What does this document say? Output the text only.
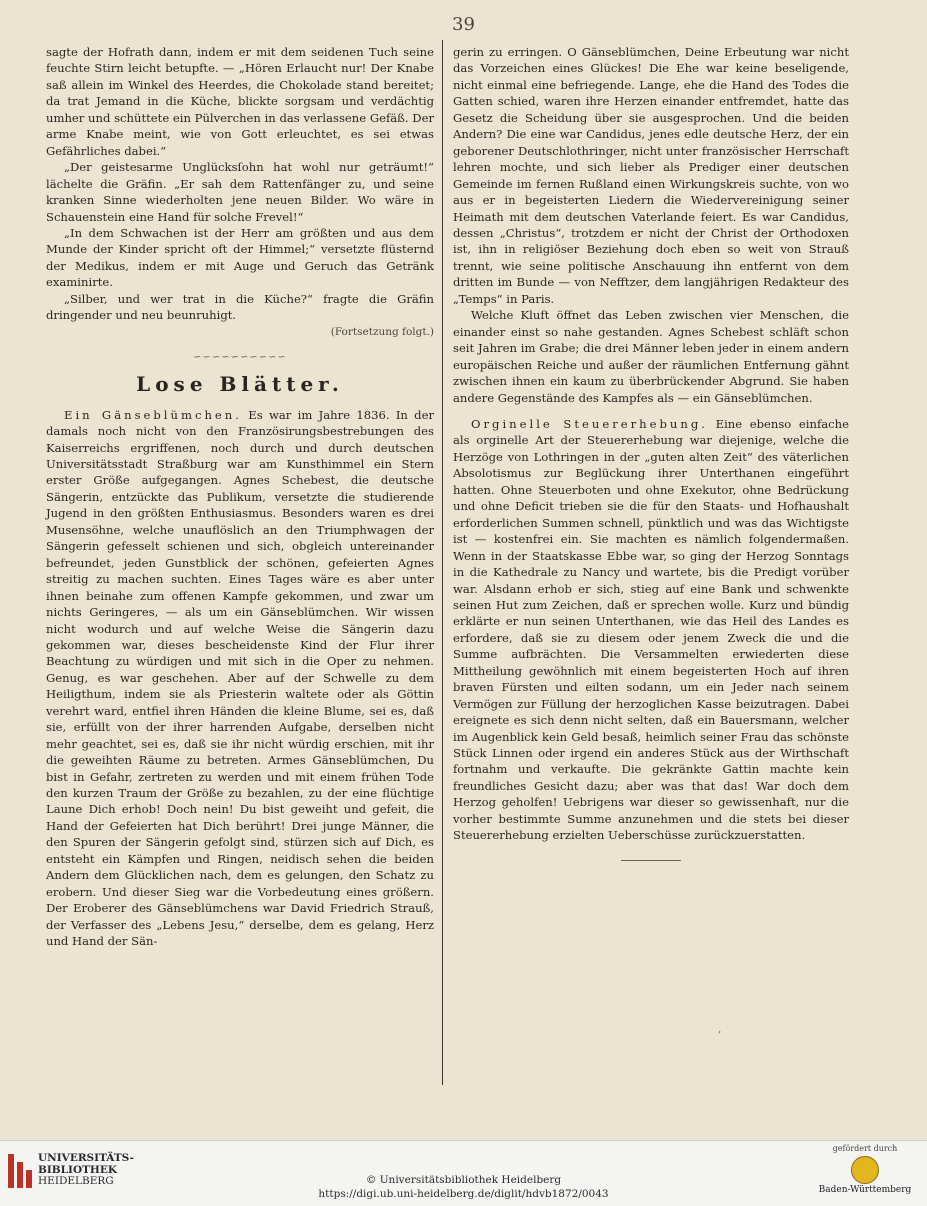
39

sagte der Hofrath dann, indem er mit dem seidenen Tuch seine feuchte Stirn leicht betupfte. — „Hören Erlaucht nur! Der Knabe saß allein im Winkel des Heerdes, die Chokolade stand bereitet; da trat Jemand in die Küche, blickte sorgsam und verdächtig umher und schüttete ein Pülverchen in das verlassene Gefäß. Der arme Knabe meint, wie von Gott erleuchtet, es sei etwas Gefährliches dabei.“

„Der geistesarme Unglücksſohn hat wohl nur geträumt!“ lächelte die Gräfin. „Er sah dem Rattenfänger zu, und seine kranken Sinne wiederholten jene neuen Bilder. Wo wäre in Schauenstein eine Hand für solche Frevel!“

„In dem Schwachen ist der Herr am größten und aus dem Munde der Kinder spricht oft der Himmel;“ versetzte flüsternd der Medikus, indem er mit Auge und Geruch das Getränk examinirte.

„Silber, und wer trat in die Küche?“ fragte die Gräfin dringender und neu beunruhigt.

(Fortsetzung folgt.)

∽∽∽∽∽∽∽∽∽∽
Lose Blätter.

Ein Gänseblümchen. Es war im Jahre 1836. In der damals noch nicht von den Französirungsbestrebungen des Kaiserreichs ergriffenen, noch durch und durch deutschen Universitätsstadt Straßburg war am Kunsthimmel ein Stern erster Größe aufgegangen. Agnes Schebest, die deutsche Sängerin, entzückte das Publikum, versetzte die studierende Jugend in den größten Enthusiasmus. Besonders waren es drei Musensöhne, welche unauflöslich an den Triumphwagen der Sängerin gefesselt schienen und sich, obgleich untereinander befreundet, jeden Gunstblick der schönen, gefeierten Agnes streitig zu machen suchten. Eines Tages wäre es aber unter ihnen beinahe zum offenen Kampfe gekommen, und zwar um nichts Geringeres, — als um ein Gänseblümchen. Wir wissen nicht wodurch und auf welche Weise die Sängerin dazu gekommen war, dieses bescheidenste Kind der Flur ihrer Beachtung zu würdigen und mit sich in die Oper zu nehmen. Genug, es war geschehen. Aber auf der Schwelle zu dem Heiligthum, indem sie als Priesterin waltete oder als Göttin verehrt ward, entfiel ihren Händen die kleine Blume, sei es, daß sie, erfüllt von der ihrer harrenden Aufgabe, derselben nicht mehr geachtet, sei es, daß sie ihr nicht würdig erschien, mit ihr die geweihten Räume zu betreten. Armes Gänseblümchen, Du bist in Gefahr, zertreten zu werden und mit einem frühen Tode den kurzen Traum der Größe zu bezahlen, zu der eine flüchtige Laune Dich erhob! Doch nein! Du bist geweiht und gefeit, die Hand der Gefeierten hat Dich berührt! Drei junge Männer, die den Spuren der Sängerin gefolgt sind, stürzen sich auf Dich, es entsteht ein Kämpfen und Ringen, neidisch sehen die beiden Andern dem Glücklichen nach, dem es gelungen, den Schatz zu erobern. Und dieser Sieg war die Vorbedeutung eines größern. Der Eroberer des Gänseblümchens war David Friedrich Strauß, der Verfasser des „Lebens Jesu,“ derselbe, dem es gelang, Herz und Hand der Sän-

gerin zu erringen. O Gänseblümchen, Deine Erbeutung war nicht das Vorzeichen eines Glückes! Die Ehe war keine beseligende, nicht einmal eine befriegende. Lange, ehe die Hand des Todes die Gatten schied, waren ihre Herzen einander entfremdet, hatte das Gesetz die Scheidung über sie ausgesprochen. Und die beiden Andern? Die eine war Candidus, jenes edle deutsche Herz, der ein geborener Deutschlothringer, nicht unter französischer Herrschaft lehren mochte, und sich lieber als Prediger einer deutschen Gemeinde im fernen Rußland einen Wirkungskreis suchte, von wo aus er in begeisterten Liedern die Wiedervereinigung seiner Heimath mit dem deutschen Vaterlande feiert. Es war Candidus, dessen „Christus“, trotzdem er nicht der Christ der Orthodoxen ist, ihn in religiöser Beziehung doch eben so weit von Strauß trennt, wie seine politische Anschauung ihn entfernt von dem dritten im Bunde — von Nefftzer, dem langjährigen Redakteur des „Temps“ in Paris.

Welche Kluft öffnet das Leben zwischen vier Menschen, die einander einst so nahe gestanden. Agnes Schebest schläft schon seit Jahren im Grabe; die drei Männer leben jeder in einem andern europäischen Reiche und außer der räumlichen Entfernung gähnt zwischen ihnen ein kaum zu überbrückender Abgrund. Sie haben andere Gegenstände des Kampfes als — ein Gänseblümchen.

Orginelle Steuererhebung. Eine ebenso einfache als orginelle Art der Steuererhebung war diejenige, welche die Herzöge von Lothringen in der „guten alten Zeit“ des väterlichen Absolotismus zur Beglückung ihrer Unterthanen eingeführt hatten. Ohne Steuerboten und ohne Exekutor, ohne Bedrückung und ohne Deficit trieben sie die für den Staats- und Hofhaushalt erforderlichen Summen schnell, pünktlich und was das Wichtigste ist — kostenfrei ein. Sie machten es nämlich folgendermaßen. Wenn in der Staatskasse Ebbe war, so ging der Herzog Sonntags in die Kathedrale zu Nancy und wartete, bis die Predigt vorüber war. Alsdann erhob er sich, stieg auf eine Bank und schwenkte seinen Hut zum Zeichen, daß er sprechen wolle. Kurz und bündig erklärte er nun seinen Unterthanen, wie das Heil des Landes es erforderе, daß sie zu diesem oder jenem Zweck die und die Summe aufbrächten. Die Versammelten erwiederten diese Mittheilung gewöhnlich mit einem begeisterten Hoch auf ihren braven Fürsten und eilten sodann, um ein Jeder nach seinem Vermögen zur Füllung der herzoglichen Kasse beizutragen. Dabei ereignete es sich denn nicht selten, daß ein Bauersmann, welcher im Augenblick kein Geld besaß, heimlich seiner Frau das schönste Stück Linnen oder irgend ein anderes Stück aus der Wirthschaft fortnahm und verkaufte. Die gekränkte Gattin machte kein freundliches Gesicht dazu; aber was that das! War doch dem Herzog geholfen! Uebrigens war dieser so gewissenhaft, nur die vorher bestimmte Summe anzunehmen und die stets bei dieser Steuererhebung erzielten Ueberschüsse zurückzuerstatten.

‚
UNIVERSITÄTS-
BIBLIOTHEK
HEIDELBERG	© Universitätsbibliothek Heidelberg
https://digi.ub.uni-heidelberg.de/diglit/hdvb1872/0043
gefördert durch
Baden-Württemberg
